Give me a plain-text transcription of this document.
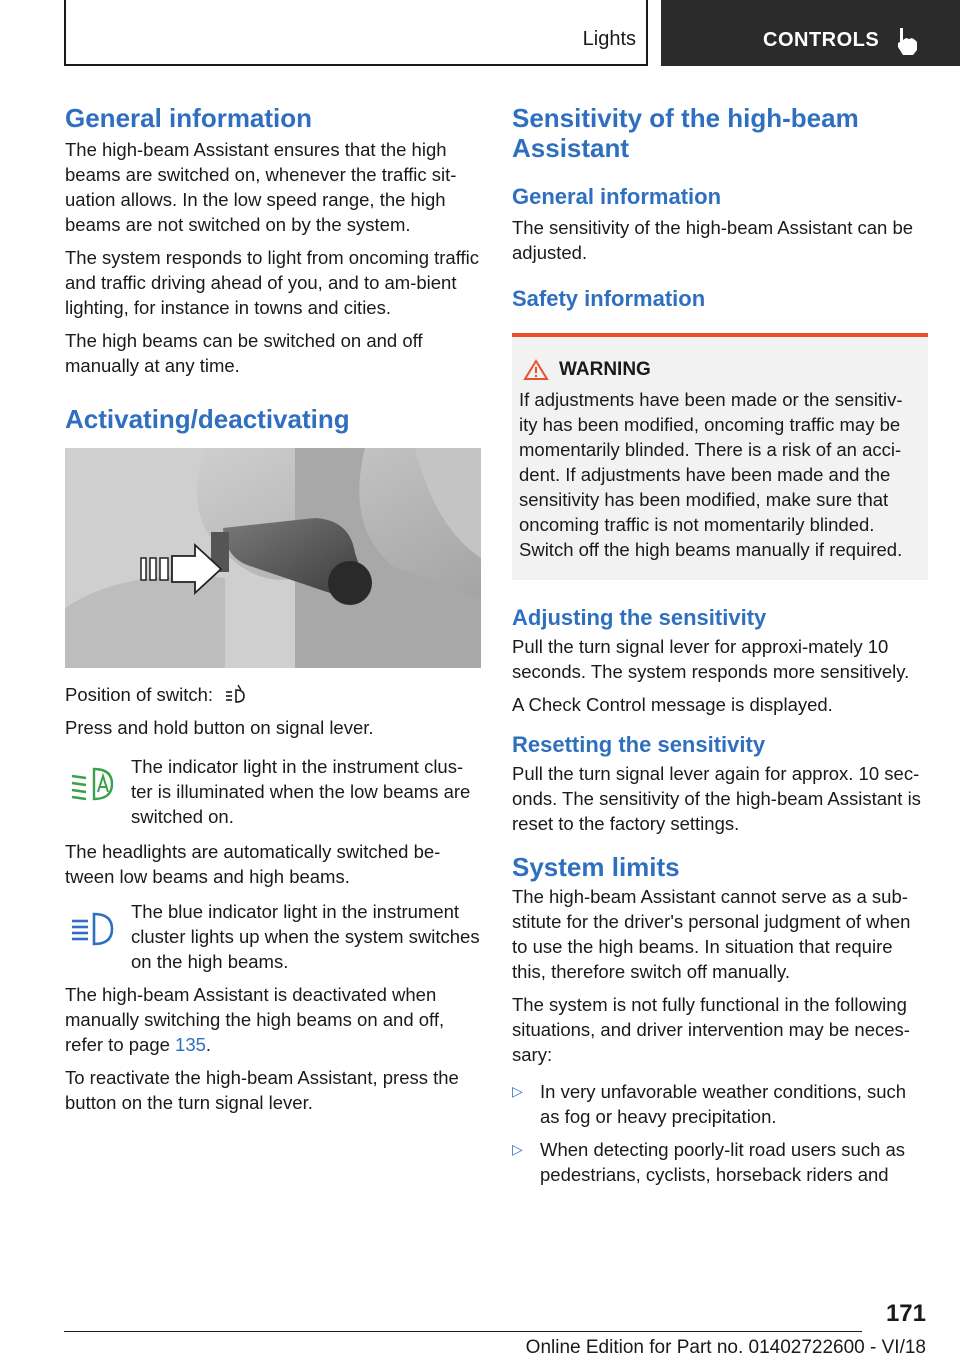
Lights	CONTROLS
General information

The high-beam Assistant ensures that the high beams are switched on, whenever the traffic sit-uation allows. In the low speed range, the high beams are not switched on by the system.

The system responds to light from oncoming traffic and traffic driving ahead of you, and to am-bient lighting, for instance in towns and cities.

The high beams can be switched on and off manually at any time.

Activating/deactivating

Position of switch:

Press and hold button on signal lever.

The indicator light in the instrument clus-ter is illuminated when the low beams are switched on.

The headlights are automatically switched be-tween low beams and high beams.

The blue indicator light in the instrument cluster lights up when the system switches on the high beams.

The high-beam Assistant is deactivated when manually switching the high beams on and off, refer to page 135.

To reactivate the high-beam Assistant, press the button on the turn signal lever.

Sensitivity of the high-beam Assistant
General information

The sensitivity of the high-beam Assistant can be adjusted.

Safety information
WARNING

If adjustments have been made or the sensitiv-ity has been modified, oncoming traffic may be momentarily blinded. There is a risk of an acci-dent. If adjustments have been made and the sensitivity has been modified, make sure that oncoming traffic is not momentarily blinded. Switch off the high beams manually if required.

Adjusting the sensitivity

Pull the turn signal lever for approxi-mately 10 seconds. The system responds more sensitively.

A Check Control message is displayed.

Resetting the sensitivity

Pull the turn signal lever again for approx. 10 sec-onds. The sensitivity of the high-beam Assistant is reset to the factory settings.

System limits

The high-beam Assistant cannot serve as a sub-stitute for the driver's personal judgment of when to use the high beams. In situation that require this, therefore switch off manually.

The system is not fully functional in the following situations, and driver intervention may be neces-sary:

▷ In very unfavorable weather conditions, such as fog or heavy precipitation.

▷ When detecting poorly-lit road users such as pedestrians, cyclists, horseback riders and

171
Online Edition for Part no. 01402722600 - VI/18
